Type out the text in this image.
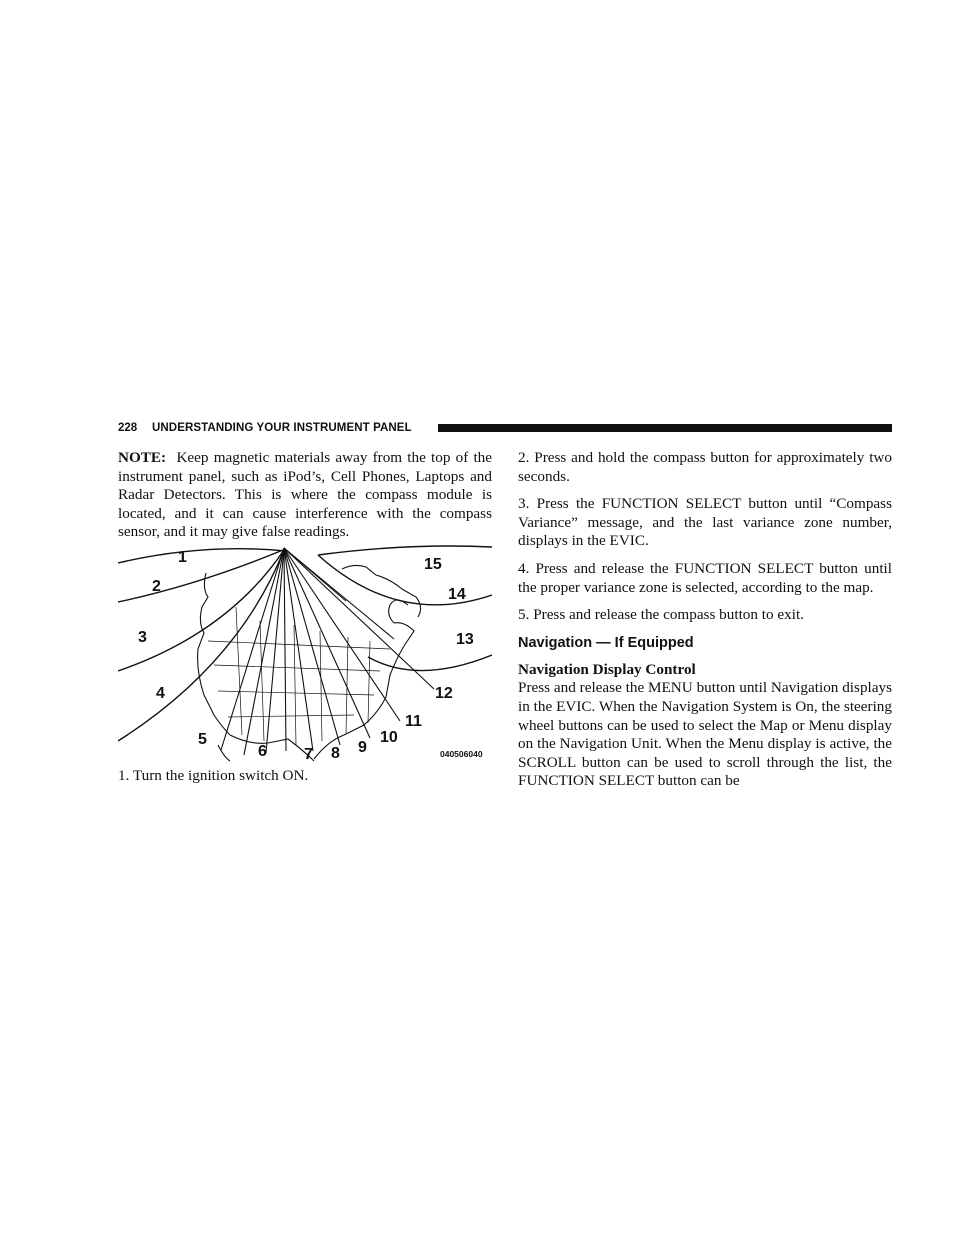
228 UNDERSTANDING YOUR INSTRUMENT PANEL

NOTE: Keep magnetic materials away from the top of the instrument panel, such as iPod’s, Cell Phones, Laptops and Radar Detectors. This is where the compass module is located, and it can cause interference with the compass sensor, and it may give false readings.

1
2
3
4
5
6 7 8 9
10
11
12
13
14
15
040506040
1. Turn the ignition switch ON.

2. Press and hold the compass button for approximately two seconds.

3. Press the FUNCTION SELECT button until “Compass Variance” message, and the last variance zone number, displays in the EVIC.

4. Press and release the FUNCTION SELECT button until the proper variance zone is selected, according to the map.

5. Press and release the compass button to exit.

Navigation — If Equipped

Navigation Display Control

Press and release the MENU button until Navigation displays in the EVIC. When the Navigation System is On, the steering wheel buttons can be used to select the Map or Menu display on the Navigation Unit. When the Menu display is active, the SCROLL button can be used to scroll through the list, the FUNCTION SELECT button can be
